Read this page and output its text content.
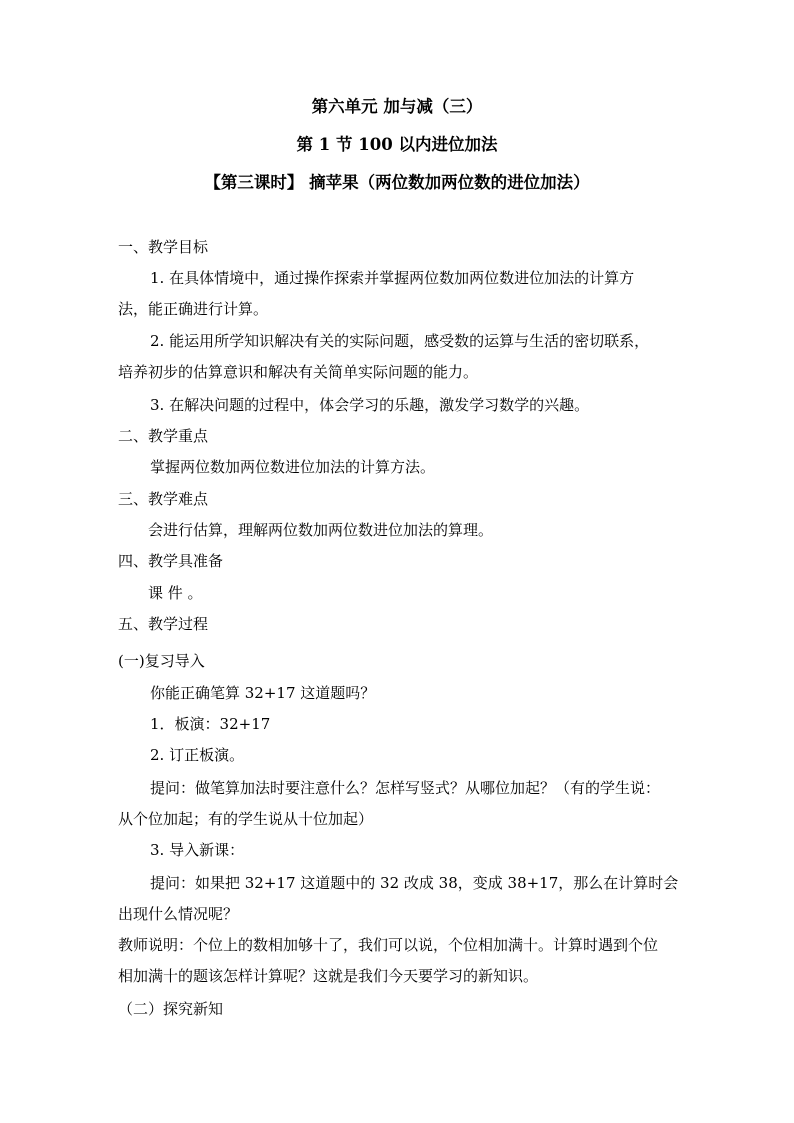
第六单元 加与减（三）
第 1 节 100 以内进位加法
【第三课时】 摘苹果（两位数加两位数的进位加法）
一、教学目标
1. 在具体情境中，通过操作探索并掌握两位数加两位数进位加法的计算方
法，能正确进行计算。
2. 能运用所学知识解决有关的实际问题，感受数的运算与生活的密切联系，
培养初步的估算意识和解决有关简单实际问题的能力。
3. 在解决问题的过程中，体会学习的乐趣，激发学习数学的兴趣。
二、教学重点
掌握两位数加两位数进位加法的计算方法。
三、教学难点
会进行估算，理解两位数加两位数进位加法的算理。
四、教学具准备
课 件 。
五、教学过程
(一)复习导入
你能正确笔算 32+17 这道题吗？
1．板演：32+17
2. 订正板演。
提问：做笔算加法时要注意什么？怎样写竖式？从哪位加起？（有的学生说：
从个位加起；有的学生说从十位加起）
3. 导入新课：
提问：如果把 32+17 这道题中的 32 改成 38，变成 38+17，那么在计算时会
出现什么情况呢？
教师说明：个位上的数相加够十了，我们可以说，个位相加满十。计算时遇到个位
相加满十的题该怎样计算呢？这就是我们今天要学习的新知识。
（二）探究新知
